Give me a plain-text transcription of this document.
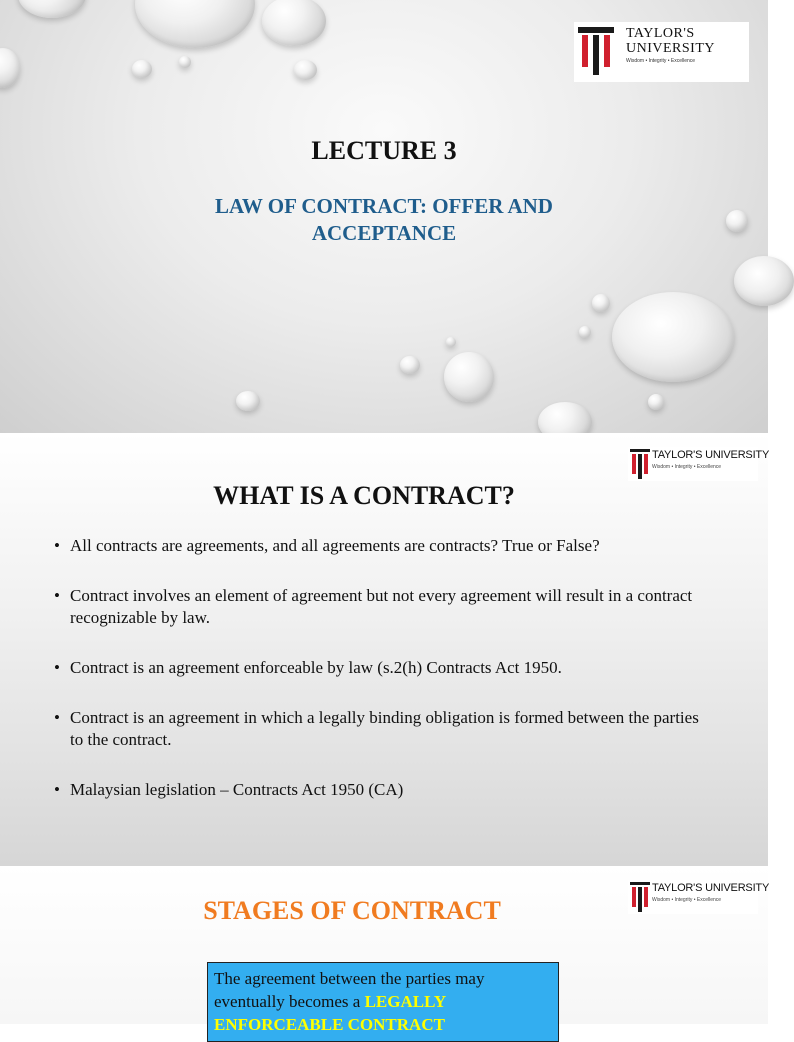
TAYLOR'S
UNIVERSITY
Wisdom • Integrity • Excellence
LECTURE 3
LAW OF CONTRACT: OFFER AND ACCEPTANCE
TAYLOR'S UNIVERSITY
Wisdom • Integrity • Excellence
WHAT IS A CONTRACT?
• All contracts are agreements, and all agreements are contracts? True or False?
• Contract involves an element of agreement but not every agreement will result in a contract recognizable by law.
• Contract is an agreement enforceable by law (s.2(h) Contracts Act 1950.
• Contract is an agreement in which a legally binding obligation is formed between the parties to the contract.
• Malaysian legislation – Contracts Act 1950 (CA)
TAYLOR'S UNIVERSITY
Wisdom • Integrity • Excellence
STAGES OF CONTRACT
The agreement between the parties may eventually becomes a LEGALLY ENFORCEABLE CONTRACT
